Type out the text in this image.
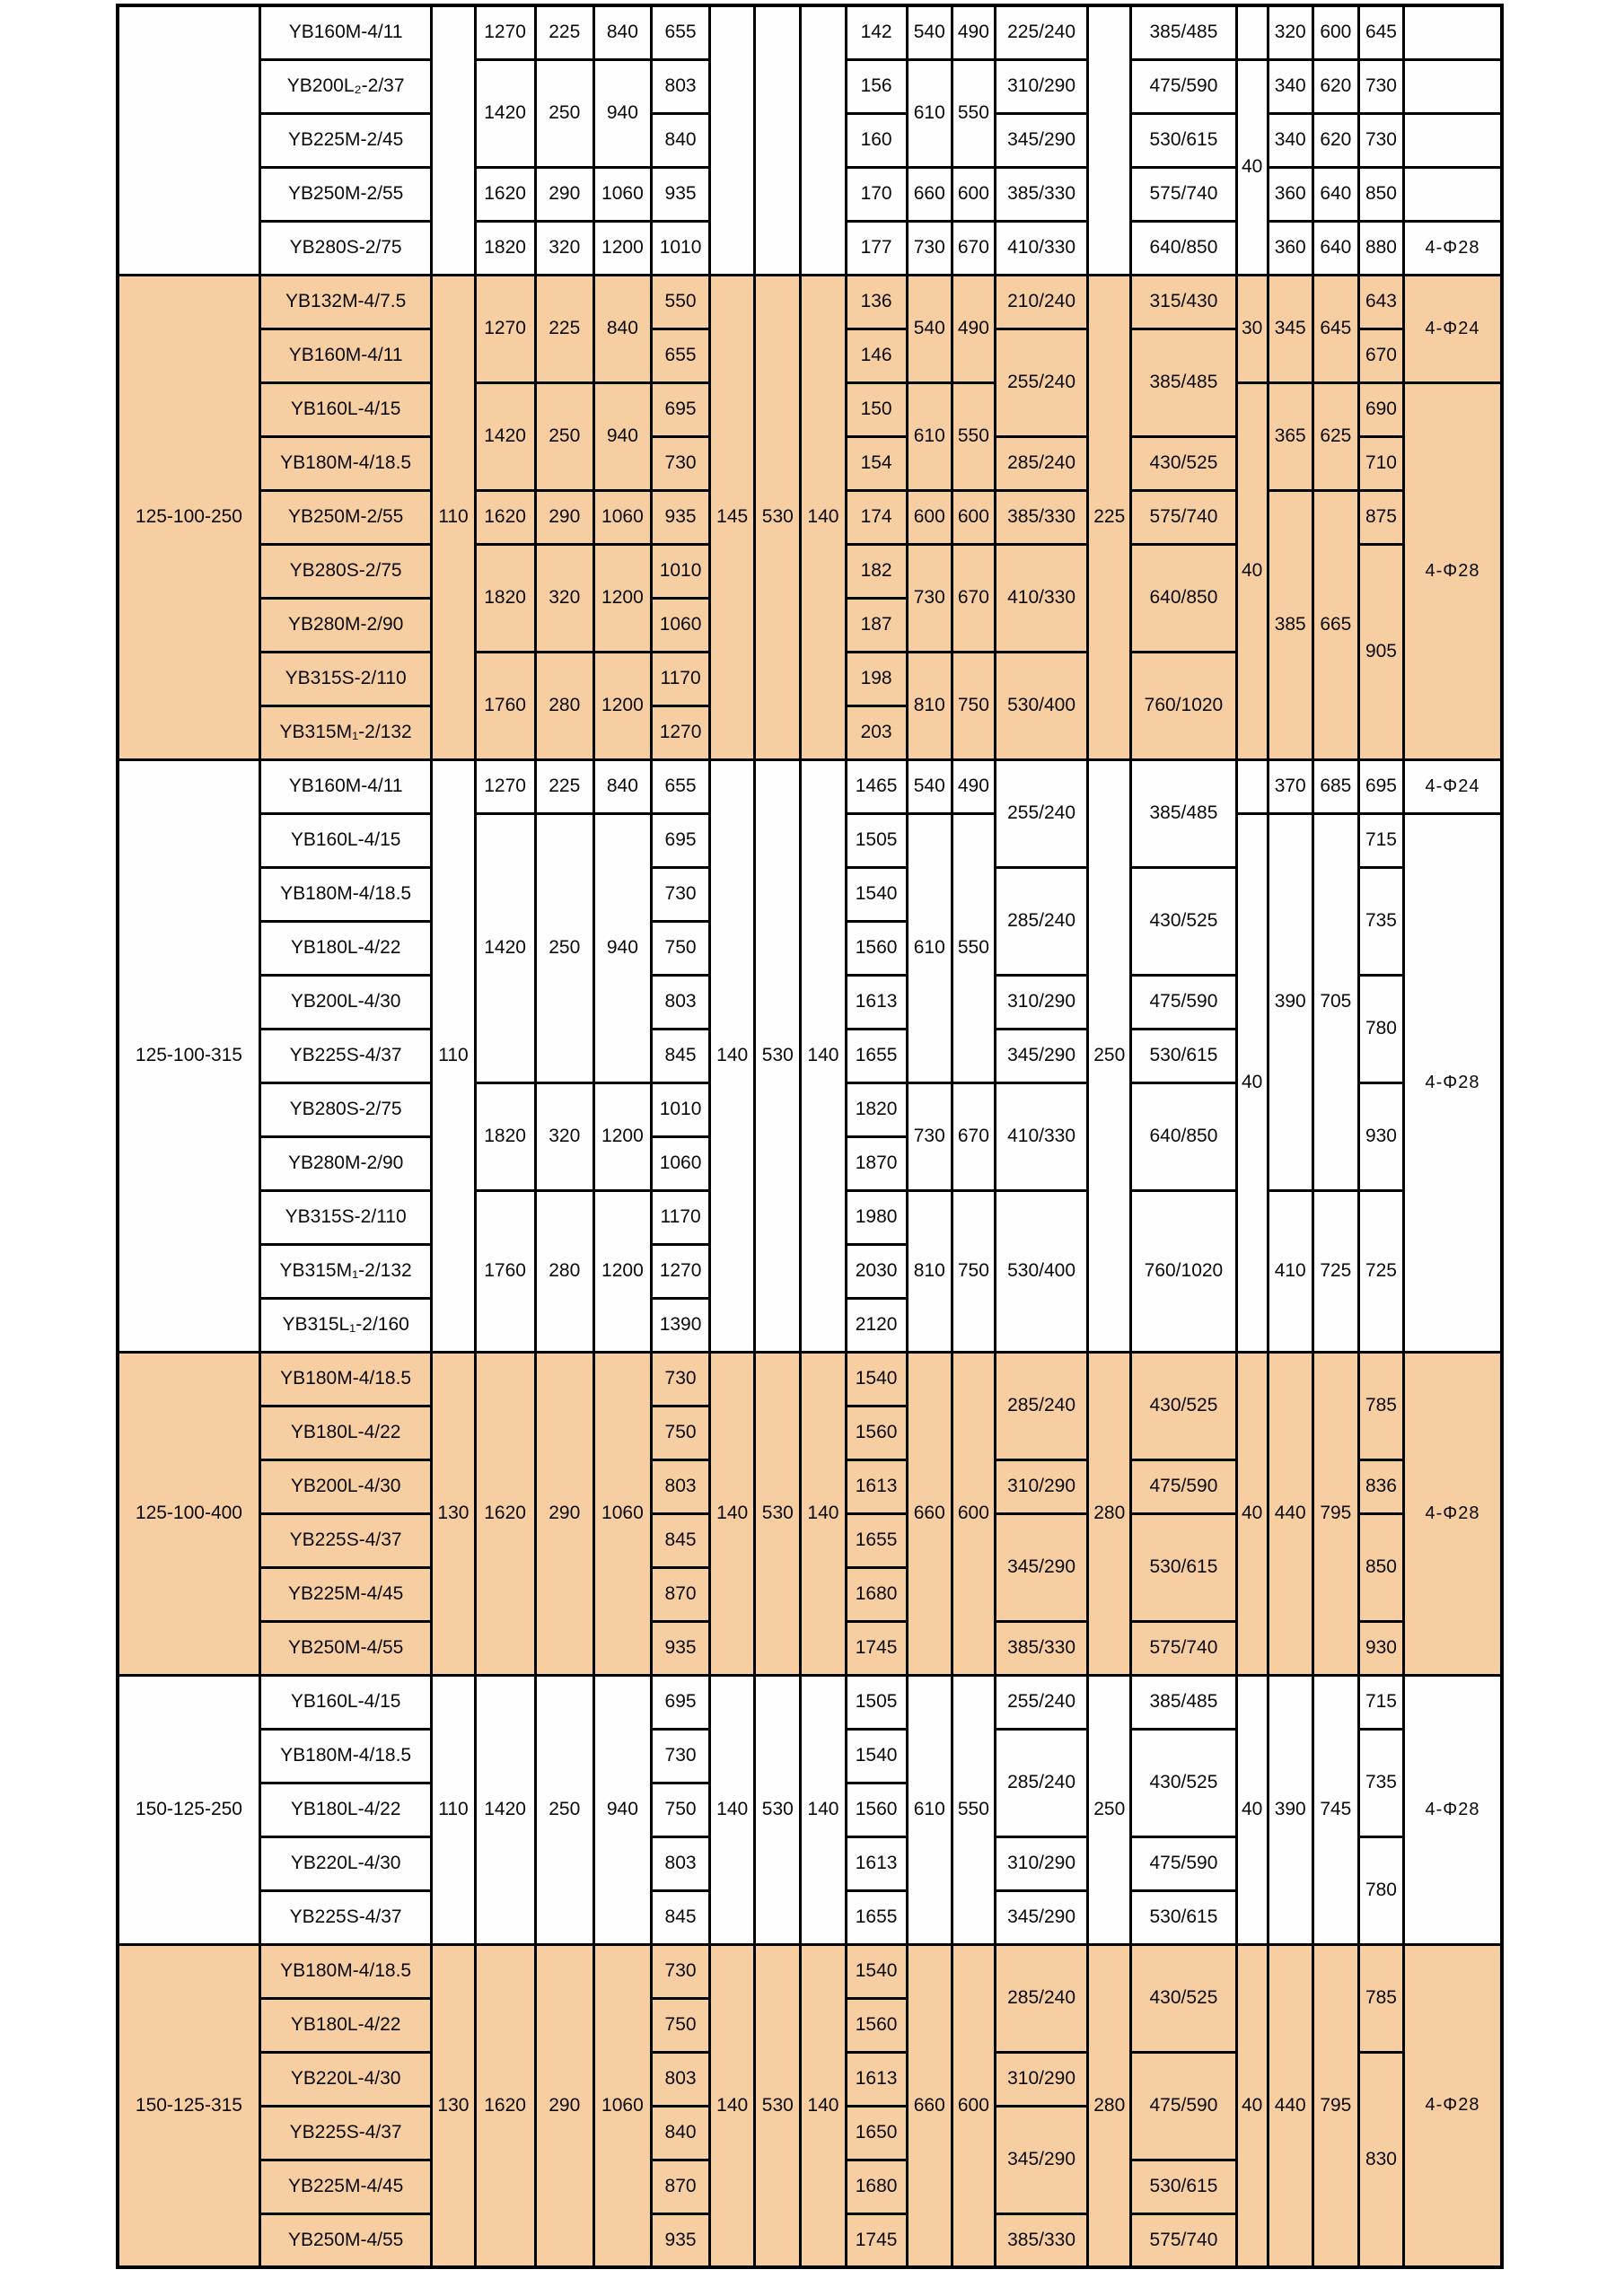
	YB160M-4/11		1270	225	840	655				142	540	490	225/240		385/485		320	600	645	
	YB200L₂-2/37		1420	250	940	803				156	610	550	310/290		475/590	40	340	620	730	
	YB225M-2/45					840				160			345/290		530/615		340	620	730	
	YB250M-2/55		1620	290	1060	935				170	660	600	385/330		575/740		360	640	850	
	YB280S-2/75		1820	320	1200	1010				177	730	670	410/330		640/850		360	640	880	4-Φ28
125-100-250	YB132M-4/7.5	110	1270	225	840	550	145	530	140	136	540	490	210/240	225	315/430	30	345	645	643	4-Φ24
	YB160M-4/11					655				146			255/240		385/485				670	
	YB160L-4/15		1420	250	940	695				150	610	550				40	365	625	690	4-Φ28
	YB180M-4/18.5					730				154			285/240		430/525				710	
	YB250M-2/55		1620	290	1060	935				174	600	600	385/330		575/740		385	665	875	
	YB280S-2/75		1820	320	1200	1010				182	730	670	410/330		640/850				905	
	YB280M-2/90					1060				187										
	YB315S-2/110		1760	280	1200	1170				198	810	750	530/400		760/1020					
	YB315M₁-2/132					1270				203										
125-100-315	YB160M-4/11	110	1270	225	840	655	140	530	140	1465	540	490	255/240	250	385/485		370	685	695	4-Φ24
	YB160L-4/15		1420	250	940	695				1505	610	550				40	390	705	715	4-Φ28
	YB180M-4/18.5					730				1540			285/240		430/525				735	
	YB180L-4/22					750				1560										
	YB200L-4/30					803				1613			310/290		475/590				780	
	YB225S-4/37					845				1655			345/290		530/615					
	YB280S-2/75		1820	320	1200	1010				1820	730	670	410/330		640/850				930	
	YB280M-2/90					1060				1870										
	YB315S-2/110		1760	280	1200	1170				1980	810	750	530/400		760/1020		410	725	725	
	YB315M₁-2/132					1270				2030										
	YB315L₁-2/160					1390				2120										
125-100-400	YB180M-4/18.5	130	1620	290	1060	730	140	530	140	1540	660	600	285/240	280	430/525	40	440	795	785	4-Φ28
	YB180L-4/22					750				1560										
	YB200L-4/30					803				1613			310/290		475/590				836	
	YB225S-4/37					845				1655			345/290		530/615				850	
	YB225M-4/45					870				1680										
	YB250M-4/55					935				1745			385/330		575/740				930	
150-125-250	YB160L-4/15	110	1420	250	940	695	140	530	140	1505	610	550	255/240	250	385/485	40	390	745	715	4-Φ28
	YB180M-4/18.5					730				1540			285/240		430/525				735	
	YB180L-4/22					750				1560										
	YB220L-4/30					803				1613			310/290		475/590				780	
	YB225S-4/37					845				1655			345/290		530/615					
150-125-315	YB180M-4/18.5	130	1620	290	1060	730	140	530	140	1540	660	600	285/240	280	430/525	40	440	795	785	4-Φ28
	YB180L-4/22					750				1560										
	YB220L-4/30					803				1613			310/290		475/590				830	
	YB225S-4/37					840				1650			345/290							
	YB225M-4/45					870				1680					530/615					
	YB250M-4/55					935				1745			385/330		575/740					
